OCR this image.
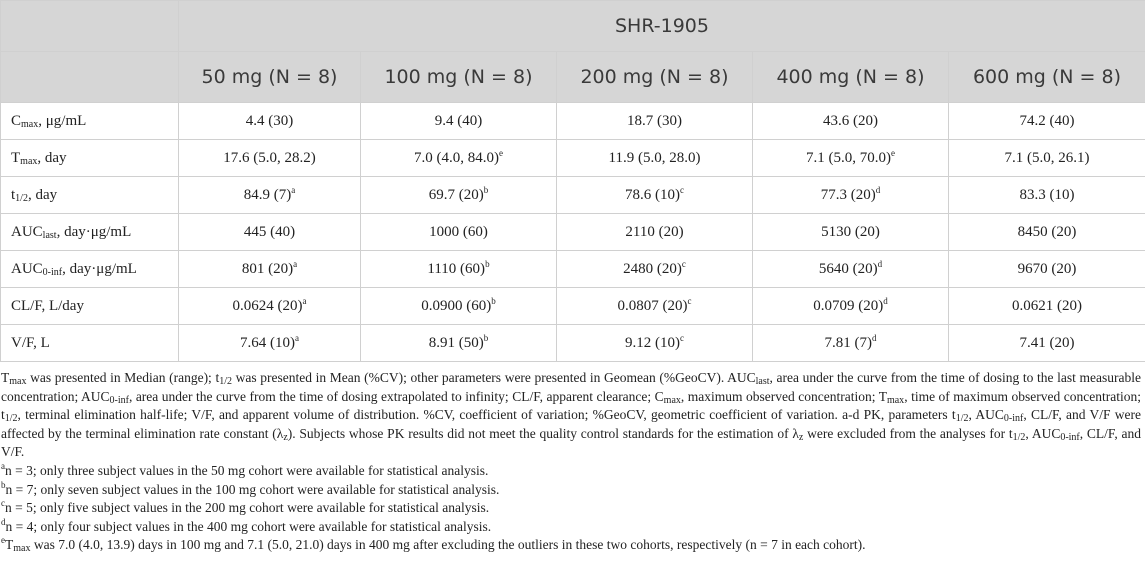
	SHR-1905				
	50 mg (N = 8)	100 mg (N = 8)	200 mg (N = 8)	400 mg (N = 8)	600 mg (N = 8)
$C_{max}$, μg/mL	4.4 (30)	9.4 (40)	18.7 (30)	43.6 (20)	74.2 (40)
$T_{max}$, day	17.6 (5.0, 28.2)	7.0 (4.0, 84.0)$^e$	11.9 (5.0, 28.0)	7.1 (5.0, 70.0)$^e$	7.1 (5.0, 26.1)
$t_{1/2}$, day	84.9 $(7)^a$	69.7 $(20)^b$	78.6 $(10)^c$	77.3 $(20)^d$	83.3 (10)
$AUC_{last}$, day·μg/mL	445 (40)	1000 (60)	2110 (20)	5130 (20)	8450 (20)
$AUC_{0-inf}$, day·μg/mL	801 $(20)^a$	1110 $(60)^b$	2480 $(20)^c$	5640 $(20)^d$	9670 (20)
CL/F, L/day	0.0624 $(20)^a$	0.0900 $(60)^b$	0.0807 $(20)^c$	0.0709 $(20)^d$	0.0621 (20)
V/F, L	7.64 $(10)^a$	8.91 $(50)^b$	9.12 $(10)^c$	7.81 $(7)^d$	7.41 (20)

$T_{max}$ was presented in Median (range); $t_{1/2}$ was presented in Mean (%CV); other parameters were presented in Geomean (%GeoCV). $AUC_{last}$, area under the curve from the time of dosing to the last measurable concentration; $AUC_{0-inf}$, area under the curve from the time of dosing extrapolated to infinity; CL/F, apparent clearance; $C_{max}$, maximum observed concentration; $T_{max}$, time of maximum observed concentration; $t_{1/2}$, terminal elimination half-life; V/F, and apparent volume of distribution. %CV, coefficient of variation; %GeoCV, geometric coefficient of variation. a-d PK, parameters $t_{1/2}$, $AUC_{0-inf}$, CL/F, and V/F were affected by the terminal elimination rate constant $(\lambda_z)$. Subjects whose PK results did not meet the quality control standards for the estimation of $\lambda_z$ were excluded from the analyses for $t_{1/2}$, $AUC_{0-inf}$, CL/F, and V/F.

$^a$n = 3; only three subject values in the 50 mg cohort were available for statistical analysis.

$^b$n = 7; only seven subject values in the 100 mg cohort were available for statistical analysis.

$^c$n = 5; only five subject values in the 200 mg cohort were available for statistical analysis.

$^d$n = 4; only four subject values in the 400 mg cohort were available for statistical analysis.

$^eT_{max}$ was 7.0 (4.0, 13.9) days in 100 mg and 7.1 (5.0, 21.0) days in 400 mg after excluding the outliers in these two cohorts, respectively (n = 7 in each cohort).
